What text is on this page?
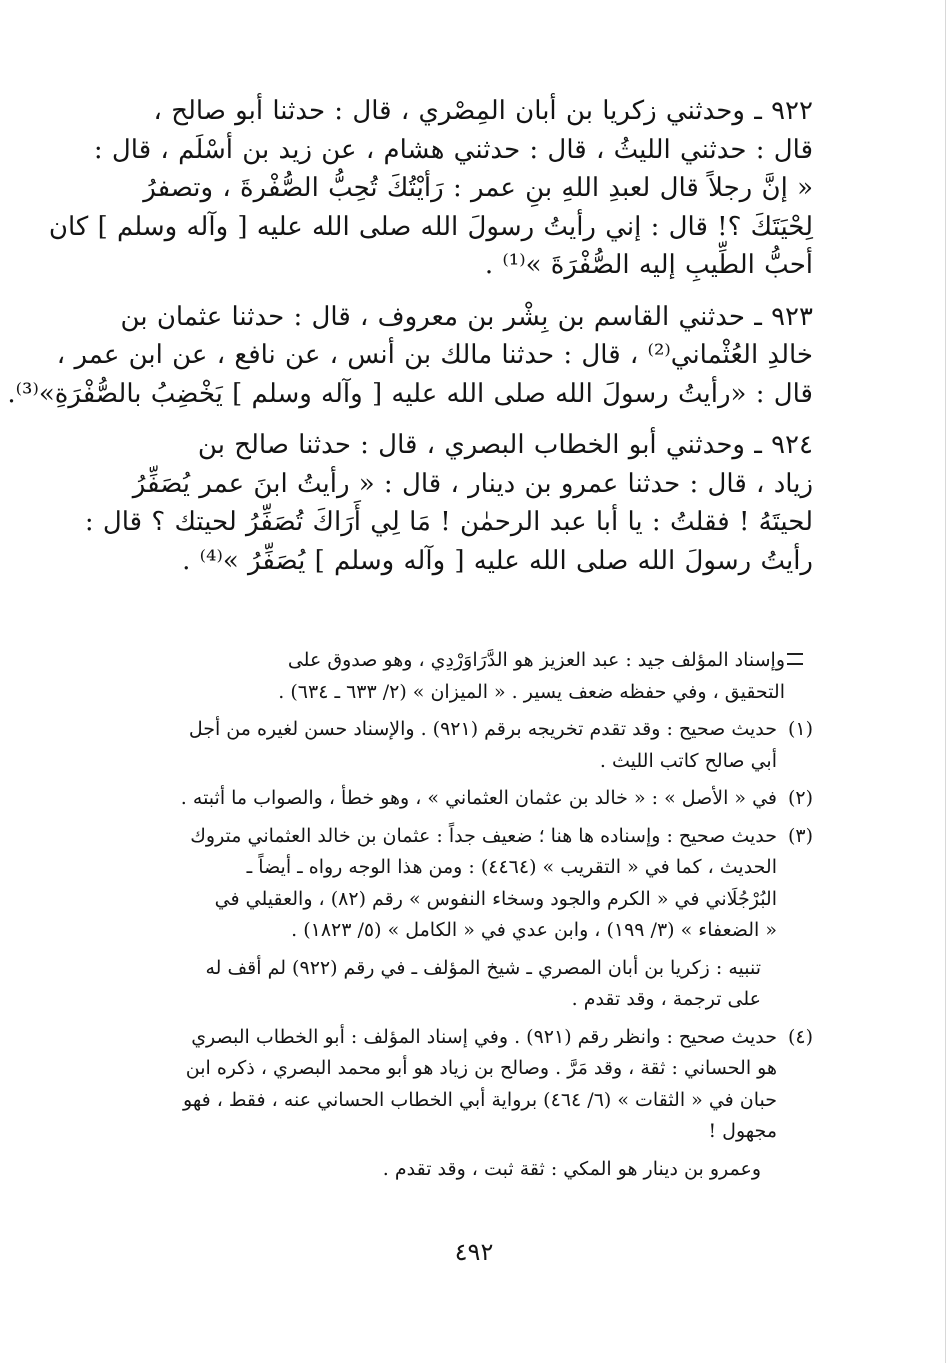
٩٢٢ ـ وحدثني زكريا بن أبان المِصْري ، قال : حدثنا أبو صالح ،
قال : حدثني الليثُ ، قال : حدثني هشام ، عن زيد بن أسْلَم ، قال :
« إنَّ رجلاً قال لعبدِ اللهِ بنِ عمر : رَأيْتُكَ تُحِبُّ الصُّفْرةَ ، وتصفرُ
لِحْيَتَكَ ؟! قال : إني رأيتُ رسولَ الله صلى الله عليه [ وآله وسلم ] كان
أحبُّ الطِّيبِ إليه الصُّفْرَةَ »⁽¹⁾ .
٩٢٣ ـ حدثني القاسم بن بِشْر بن معروف ، قال : حدثنا عثمان بن
خالدِ العُثْماني⁽²⁾ ، قال : حدثنا مالك بن أنس ، عن نافع ، عن ابن عمر ،
قال : «رأيتُ رسولَ الله صلى الله عليه [ وآله وسلم ] يَخْضِبُ بالصُّفْرَةِ»⁽³⁾.
٩٢٤ ـ وحدثني أبو الخطاب البصري ، قال : حدثنا صالح بن
زياد ، قال : حدثنا عمرو بن دينار ، قال : « رأيتُ ابنَ عمر يُصَفِّرُ
لحيتَهُ ! فقلتُ : يا أبا عبد الرحمٰن ! مَا لِي أَرَاكَ تُصَفِّرُ لحيتك ؟ قال :
رأيتُ رسولَ الله صلى الله عليه [ وآله وسلم ] يُصَفِّرُ »⁽⁴⁾ .
وإسناد المؤلف جيد : عبد العزيز هو الدَّرَاوَرْدِي ، وهو صدوق على
التحقيق ، وفي حفظه ضعف يسير . « الميزان » (٢/ ٦٣٣ ـ ٦٣٤) .
(١)
حديث صحيح : وقد تقدم تخريجه برقم (٩٢١) . والإسناد حسن لغيره من أجل
أبي صالح كاتب الليث .
(٢)
في « الأصل » : « خالد بن عثمان العثماني » ، وهو خطأ ، والصواب ما أثبته .
(٣)
حديث صحيح : وإسناده ها هنا ؛ ضعيف جداً : عثمان بن خالد العثماني متروك
الحديث ، كما في « التقريب » (٤٤٦٤) : ومن هذا الوجه رواه ـ أيضاً ـ
البُرْجُلَاني في « الكرم والجود وسخاء النفوس » رقم (٨٢) ، والعقيلي في
« الضعفاء » (٣/ ١٩٩) ، وابن عدي في « الكامل » (٥/ ١٨٢٣) .
تنبيه : زكريا بن أبان المصري ـ شيخ المؤلف ـ في رقم (٩٢٢) لم أقف له
على ترجمة ، وقد تقدم .
(٤)
حديث صحيح : وانظر رقم (٩٢١) . وفي إسناد المؤلف : أبو الخطاب البصري
هو الحساني : ثقة ، وقد مَرَّ . وصالح بن زياد هو أبو محمد البصري ، ذكره ابن
حبان في « الثقات » (٦/ ٤٦٤) برواية أبي الخطاب الحساني عنه ، فقط ، فهو
مجهول !
وعمرو بن دينار هو المكي : ثقة ثبت ، وقد تقدم .
٤٩٢
